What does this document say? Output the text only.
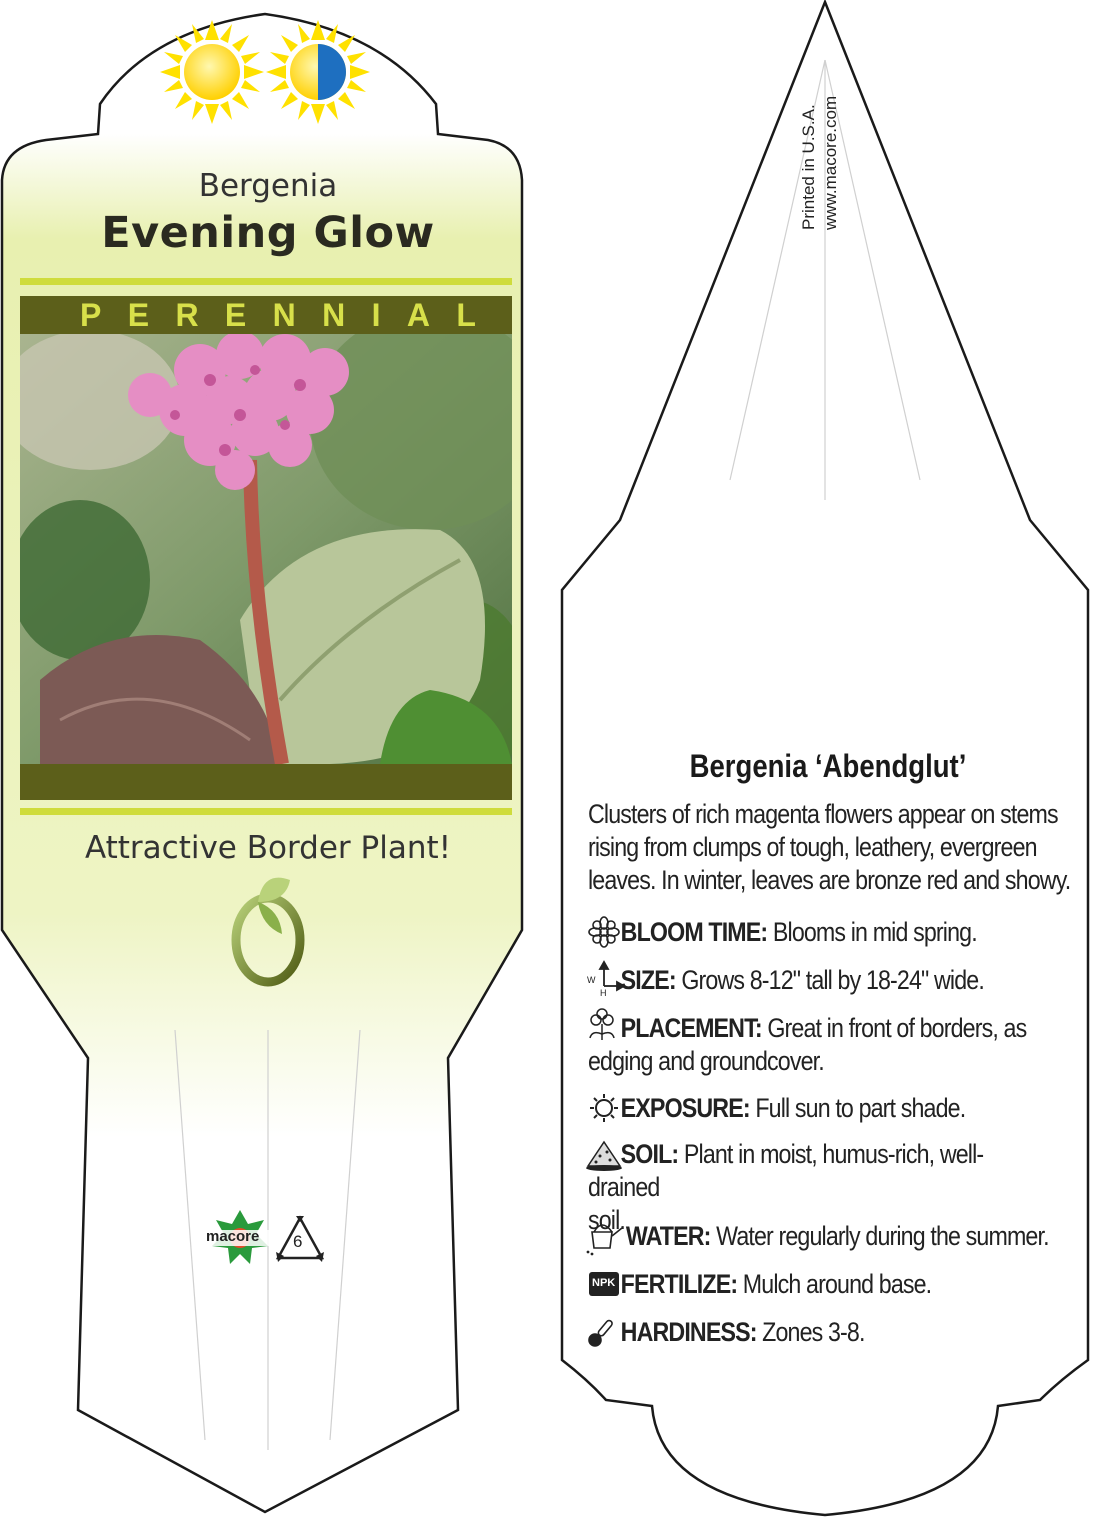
Bergenia
Evening Glow
P E R E N N I A L
Attractive Border Plant!
macore 6
Printed in U.S.A. www.macore.com
Bergenia ‘Abendglut’
Clusters of rich magenta flowers appear on stems
rising from clumps of tough, leathery, evergreen
leaves. In winter, leaves are bronze red and showy.
BLOOM TIME: Blooms in mid spring.
SIZE: Grows 8-12" tall by 18-24" wide.
W
H
PLACEMENT: Great in front of borders, as
edging and groundcover.
EXPOSURE: Full sun to part shade.
SOIL: Plant in moist, humus-rich, well-drained
soil.
WATER: Water regularly during the summer.
FERTILIZE: Mulch around base.
NPK
HARDINESS: Zones 3-8.
